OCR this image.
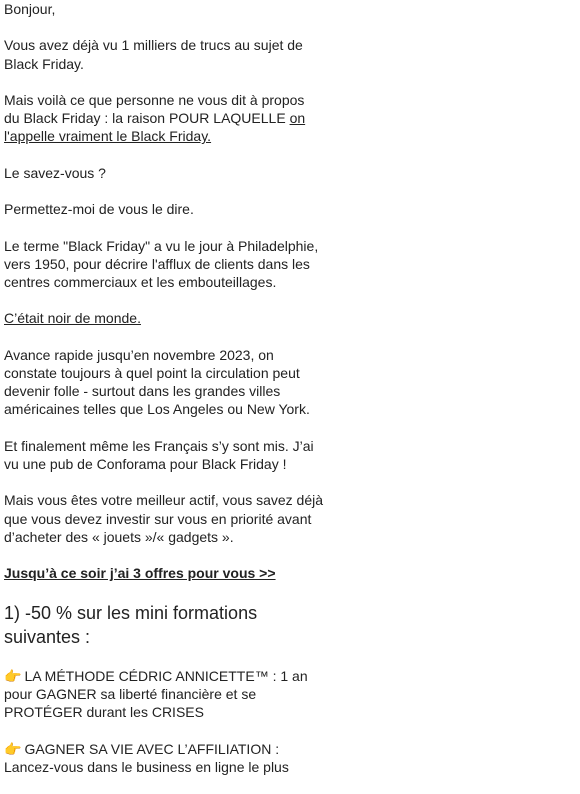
Bonjour,

Vous avez déjà vu 1 milliers de trucs au sujet de

Black Friday.

Mais voilà ce que personne ne vous dit à propos

du Black Friday : la raison POUR LAQUELLE on

l'appelle vraiment le Black Friday.

Le savez-vous ?

Permettez-moi de vous le dire.

Le terme "Black Friday" a vu le jour à Philadelphie,

vers 1950, pour décrire l'afflux de clients dans les

centres commerciaux et les embouteillages.

C’était noir de monde.

Avance rapide jusqu’en novembre 2023, on

constate toujours à quel point la circulation peut

devenir folle - surtout dans les grandes villes

américaines telles que Los Angeles ou New York.

Et finalement même les Français s’y sont mis. J’ai

vu une pub de Conforama pour Black Friday !

Mais vous êtes votre meilleur actif, vous savez déjà

que vous devez investir sur vous en priorité avant

d’acheter des « jouets »/« gadgets ».

Jusqu’à ce soir j’ai 3 offres pour vous >>

1) -50 % sur les mini formations
suivantes :

👉 LA MÉTHODE CÉDRIC ANNICETTE™ : 1 an

pour GAGNER sa liberté financière et se

PROTÉGER durant les CRISES

👉 GAGNER SA VIE AVEC L’AFFILIATION :

Lancez-vous dans le business en ligne le plus
